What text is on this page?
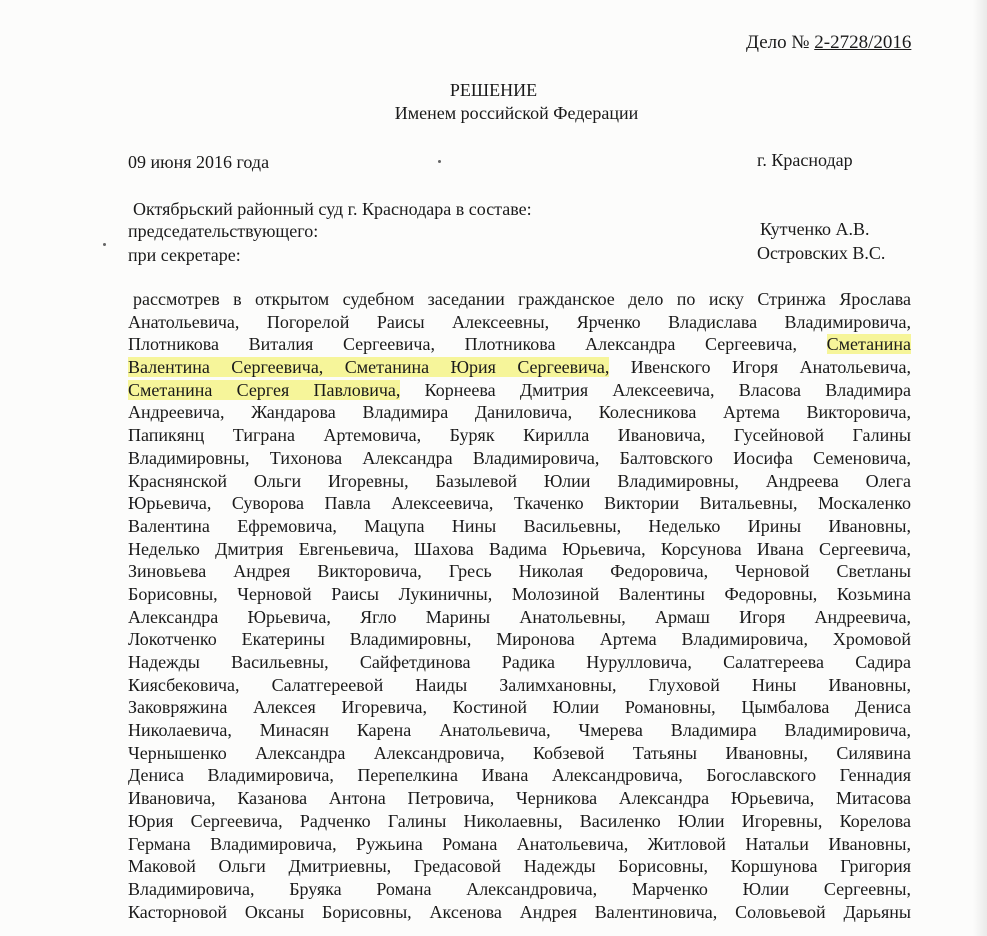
Дело № 2-2728/2016
РЕШЕНИЕ
Именем российской Федерации
09 июня 2016 года	г. Краснодар
Октябрьский районный суд г. Краснодара в составе:
председательствующего:	Кутченко А.В.
при секретаре:	Островских В.С.
рассмотрев в открытом судебном заседании гражданское дело по иску Стринжа Ярослава
Анатольевича, Погорелой Раисы Алексеевны, Ярченко Владислава Владимировича,
Плотникова Виталия Сергеевича, Плотникова Александра Сергеевича, Сметанина
Валентина Сергеевича, Сметанина Юрия Сергеевича, Ивенского Игоря Анатольевича,
Сметанина Сергея Павловича, Корнеева Дмитрия Алексеевича, Власова Владимира
Андреевича, Жандарова Владимира Даниловича, Колесникова Артема Викторовича,
Папикянц Тиграна Артемовича, Буряк Кирилла Ивановича, Гусейновой Галины
Владимировны, Тихонова Александра Владимировича, Балтовского Иосифа Семеновича,
Краснянской Ольги Игоревны, Базылевой Юлии Владимировны, Андреева Олега
Юрьевича, Суворова Павла Алексеевича, Ткаченко Виктории Витальевны, Москаленко
Валентина Ефремовича, Мацупа Нины Васильевны, Неделько Ирины Ивановны,
Неделько Дмитрия Евгеньевича, Шахова Вадима Юрьевича, Корсунова Ивана Сергеевича,
Зиновьева Андрея Викторовича, Гресь Николая Федоровича, Черновой Светланы
Борисовны, Черновой Раисы Лукиничны, Молозиной Валентины Федоровны, Козьмина
Александра Юрьевича, Ягло Марины Анатольевны, Армаш Игоря Андреевича,
Локотченко Екатерины Владимировны, Миронова Артема Владимировича, Хромовой
Надежды Васильевны, Сайфетдинова Радика Нурулловича, Салатгереева Садира
Киясбековича, Салатгереевой Наиды Залимхановны, Глуховой Нины Ивановны,
Заковряжина Алексея Игоревича, Костиной Юлии Романовны, Цымбалова Дениса
Николаевича, Минасян Карена Анатольевича, Чмерева Владимира Владимировича,
Чернышенко Александра Александровича, Кобзевой Татьяны Ивановны, Силявина
Дениса Владимировича, Перепелкина Ивана Александровича, Богославского Геннадия
Ивановича, Казанова Антона Петровича, Черникова Александра Юрьевича, Митасова
Юрия Сергеевича, Радченко Галины Николаевны, Василенко Юлии Игоревны, Корелова
Германа Владимировича, Ружьина Романа Анатольевича, Житловой Натальи Ивановны,
Маковой Ольги Дмитриевны, Гредасовой Надежды Борисовны, Коршунова Григория
Владимировича, Бруяка Романа Александровича, Марченко Юлии Сергеевны,
Касторновой Оксаны Борисовны, Аксенова Андрея Валентиновича, Соловьевой Дарьяны
